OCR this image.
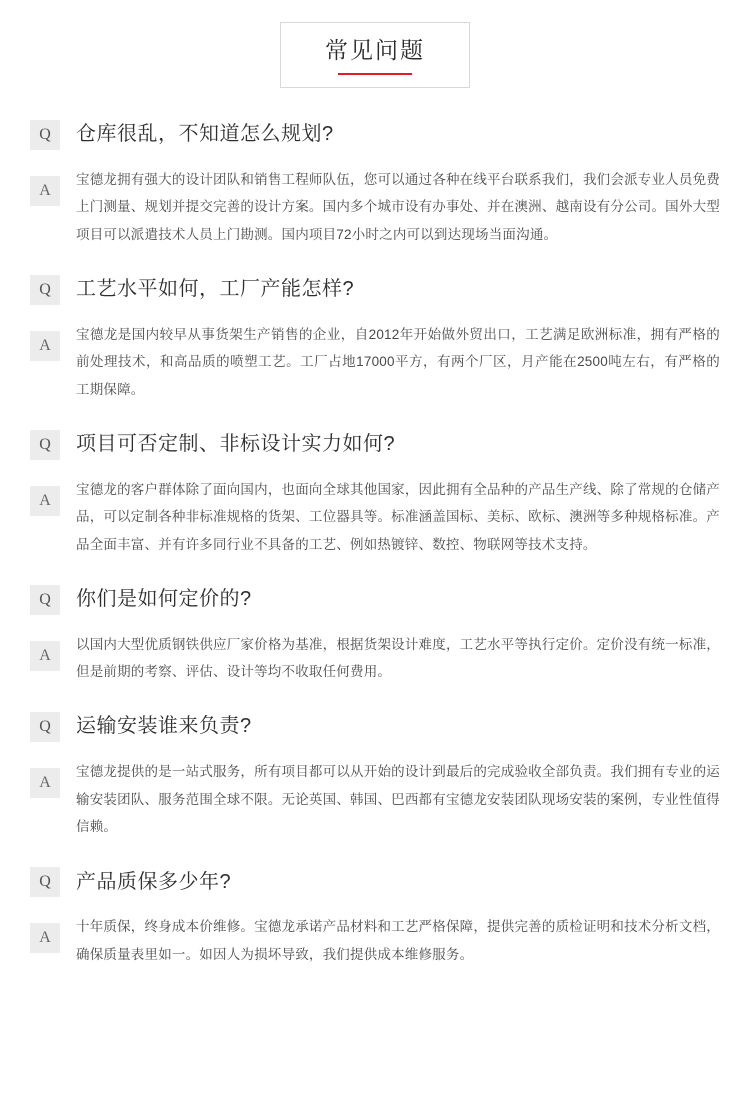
常见问题
Q	仓库很乱，不知道怎么规划?
A
宝德龙拥有强大的设计团队和销售工程师队伍，您可以通过各种在线平台联系我们，我们会派专业人员免费上门测量、规划并提交完善的设计方案。国内多个城市设有办事处、并在澳洲、越南设有分公司。国外大型项目可以派遣技术人员上门勘测。国内项目72小时之内可以到达现场当面沟通。
Q	工艺水平如何，工厂产能怎样?
A
宝德龙是国内较早从事货架生产销售的企业，自2012年开始做外贸出口，工艺满足欧洲标准，拥有严格的前处理技术，和高品质的喷塑工艺。工厂占地17000平方，有两个厂区，月产能在2500吨左右，有严格的工期保障。
Q	项目可否定制、非标设计实力如何?
A
宝德龙的客户群体除了面向国内，也面向全球其他国家，因此拥有全品种的产品生产线、除了常规的仓储产品，可以定制各种非标准规格的货架、工位器具等。标准涵盖国标、美标、欧标、澳洲等多种规格标准。产品全面丰富、并有许多同行业不具备的工艺、例如热镀锌、数控、物联网等技术支持。
Q	你们是如何定价的?
A
以国内大型优质钢铁供应厂家价格为基准，根据货架设计难度，工艺水平等执行定价。定价没有统一标准，但是前期的考察、评估、设计等均不收取任何费用。
Q	运输安装谁来负责?
A
宝德龙提供的是一站式服务，所有项目都可以从开始的设计到最后的完成验收全部负责。我们拥有专业的运输安装团队、服务范围全球不限。无论英国、韩国、巴西都有宝德龙安装团队现场安装的案例，专业性值得信赖。
Q	产品质保多少年?
A
十年质保，终身成本价维修。宝德龙承诺产品材料和工艺严格保障，提供完善的质检证明和技术分析文档，确保质量表里如一。如因人为损坏导致，我们提供成本维修服务。
